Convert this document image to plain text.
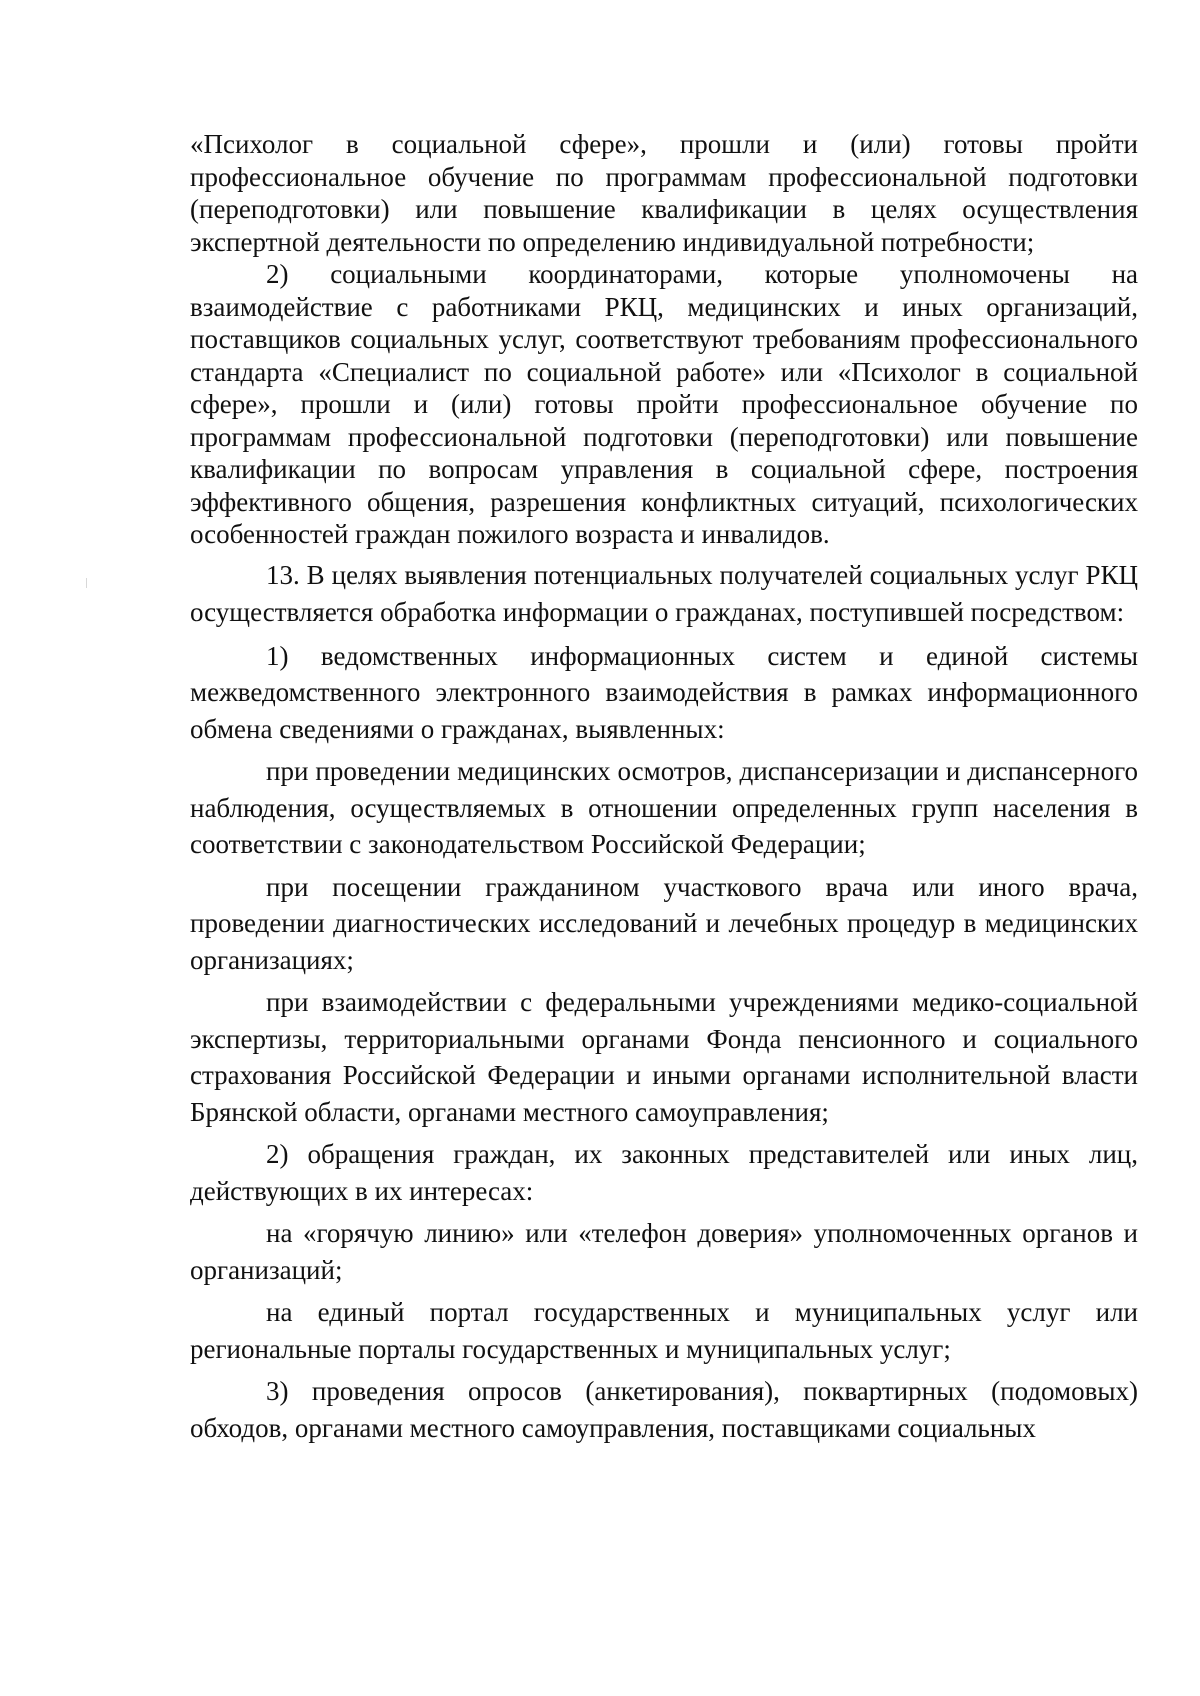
«Психолог в социальной сфере», прошли и (или) готовы пройти профессиональное обучение по программам профессиональной подготовки (переподготовки) или повышение квалификации в целях осуществления экспертной деятельности по определению индивидуальной потребности;

2) социальными координаторами, которые уполномочены на взаимодействие с работниками РКЦ, медицинских и иных организаций, поставщиков социальных услуг, соответствуют требованиям профессионального стандарта «Специалист по социальной работе» или «Психолог в социальной сфере», прошли и (или) готовы пройти профессиональное обучение по программам профессиональной подготовки (переподготовки) или повышение квалификации по вопросам управления в социальной сфере, построения эффективного общения, разрешения конфликтных ситуаций, психологических особенностей граждан пожилого возраста и инвалидов.

13. В целях выявления потенциальных получателей социальных услуг РКЦ осуществляется обработка информации о гражданах, поступившей посредством:

1) ведомственных информационных систем и единой системы межведомственного электронного взаимодействия в рамках информационного обмена сведениями о гражданах, выявленных:

при проведении медицинских осмотров, диспансеризации и диспансерного наблюдения, осуществляемых в отношении определенных групп населения в соответствии с законодательством Российской Федерации;

при посещении гражданином участкового врача или иного врача, проведении диагностических исследований и лечебных процедур в медицинских организациях;

при взаимодействии с федеральными учреждениями медико-социальной экспертизы, территориальными органами Фонда пенсионного и социального страхования Российской Федерации и иными органами исполнительной власти Брянской области, органами местного самоуправления;

2) обращения граждан, их законных представителей или иных лиц, действующих в их интересах:

на «горячую линию» или «телефон доверия» уполномоченных органов и организаций;

на единый портал государственных и муниципальных услуг или региональные порталы государственных и муниципальных услуг;

3) проведения опросов (анкетирования), поквартирных (подомовых) обходов, органами местного самоуправления, поставщиками социальных
